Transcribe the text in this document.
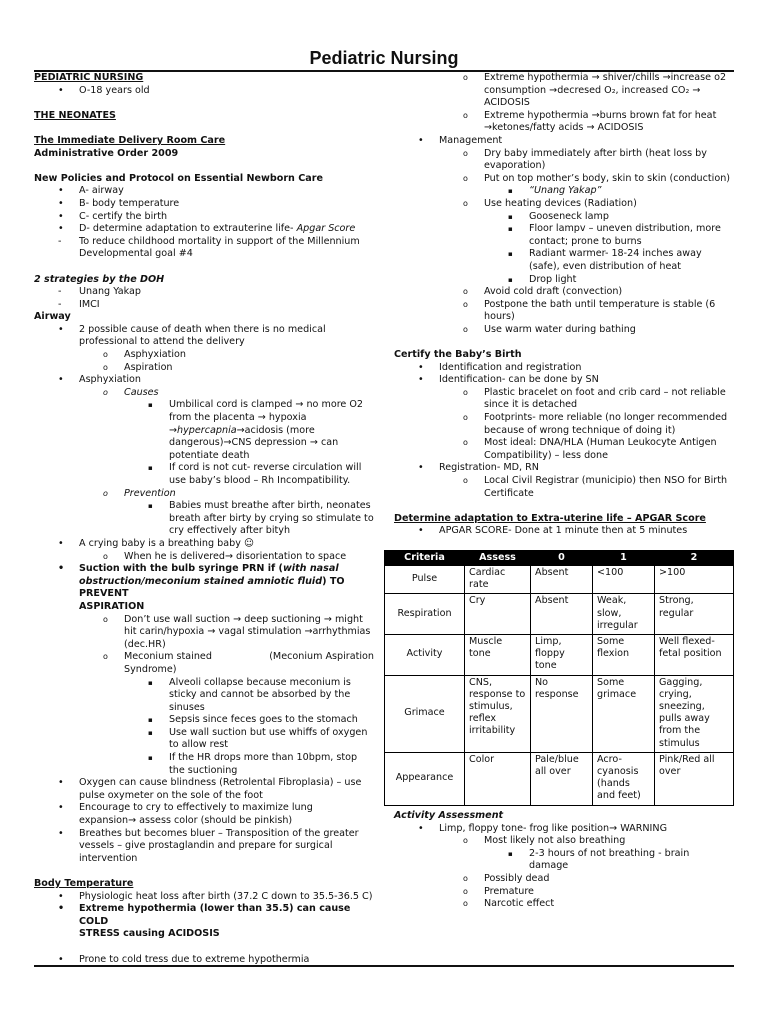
Pediatric Nursing
PEDIATRIC NURSING
• O-18 years old
THE NEONATES
The Immediate Delivery Room Care
Administrative Order 2009
New Policies and Protocol on Essential Newborn Care
• A- airway
• B- body temperature
• C- certify the birth
• D- determine adaptation to extrauterine life- Apgar Score
- To reduce childhood mortality in support of the Millennium
Developmental goal #4
2 strategies by the DOH
- Unang Yakap
- IMCI
Airway
• 2 possible cause of death when there is no medical
professional to attend the delivery
o Asphyxiation
o Aspiration
• Asphyxiation
o Causes
▪ Umbilical cord is clamped → no more O2
from the placenta → hypoxia
→hypercapnia→acidosis (more
dangerous)→CNS depression → can
potentiate death
▪ If cord is not cut- reverse circulation will
use baby’s blood – Rh Incompatibility.
o Prevention
▪ Babies must breathe after birth, neonates
breath after birty by crying so stimulate to
cry effectively after bityh
• A crying baby is a breathing baby ☺
o When he is delivered→ disorientation to space
• Suction with the bulb syringe PRN if (with nasal
obstruction/meconium stained amniotic fluid) TO PREVENT
ASPIRATION
o Don’t use wall suction → deep suctioning → might
hit carin/hypoxia → vagal stimulation →arrhythmias
(dec.HR)
o Meconium stained	(Meconium Aspiration
Syndrome)
▪ Alveoli collapse because meconium is
sticky and cannot be absorbed by the
sinuses
▪ Sepsis since feces goes to the stomach
▪ Use wall suction but use whiffs of oxygen
to allow rest
▪ If the HR drops more than 10bpm, stop
the suctioning
• Oxygen can cause blindness (Retrolental Fibroplasia) – use
pulse oxymeter on the sole of the foot
• Encourage to cry to effectively to maximize lung
expansion→ assess color (should be pinkish)
• Breathes but becomes bluer – Transposition of the greater
vessels – give prostaglandin and prepare for surgical
intervention
Body Temperature
• Physiologic heat loss after birth (37.2 C down to 35.5-36.5 C)
• Extreme hypothermia (lower than 35.5) can cause COLD
STRESS causing ACIDOSIS
• Prone to cold tress due to extreme hypothermia
o Extreme hypothermia → shiver/chills →increase o2
consumption →decresed O₂, increased CO₂ →
ACIDOSIS
o Extreme hypothermia →burns brown fat for heat
→ketones/fatty acids → ACIDOSIS
• Management
o Dry baby immediately after birth (heat loss by
evaporation)
o Put on top mother’s body, skin to skin (conduction)
▪ “Unang Yakap”
o Use heating devices (Radiation)
▪ Gooseneck lamp
▪ Floor lampv – uneven distribution, more
contact; prone to burns
▪ Radiant warmer- 18-24 inches away
(safe), even distribution of heat
▪ Drop light
o Avoid cold draft (convection)
o Postpone the bath until temperature is stable (6
hours)
o Use warm water during bathing
Certify the Baby’s Birth
• Identification and registration
• Identification- can be done by SN
o Plastic bracelet on foot and crib card – not reliable
since it is detached
o Footprints- more reliable (no longer recommended
because of wrong technique of doing it)
o Most ideal: DNA/HLA (Human Leukocyte Antigen
Compatibility) – less done
• Registration- MD, RN
o Local Civil Registrar (municipio) then NSO for Birth
Certificate
Determine adaptation to Extra-uterine life – APGAR Score
• APGAR SCORE- Done at 1 minute then at 5 minutes
Criteria	Assess	0	1	2
Pulse	Cardiac rate	Absent	<100	>100
Respiration	Cry	Absent	Weak, slow, irregular	Strong, regular
Activity	Muscle tone	Limp, floppy tone	Some flexion	Well flexed- fetal position
Grimace	CNS, response to stimulus, reflex irritability	No response	Some grimace	Gagging, crying, sneezing, pulls away from the stimulus
Appearance	Color	Pale/blue all over	Acro-cyanosis (hands and feet)	Pink/Red all over
Activity Assessment
• Limp, floppy tone- frog like position→ WARNING
o Most likely not also breathing
▪ 2-3 hours of not breathing - brain
damage
o Possibly dead
o Premature
o Narcotic effect
